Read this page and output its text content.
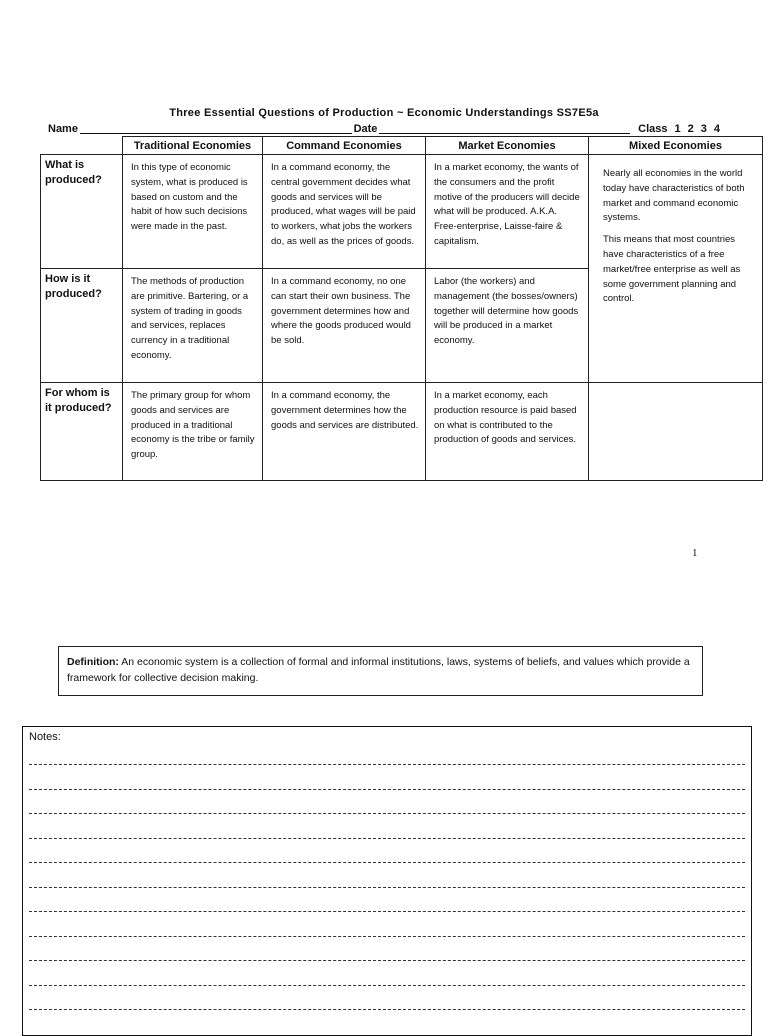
Three Essential Questions of Production ~ Economic Understandings SS7E5a
Name	Date	Class 1 2 3 4
	Traditional Economies	Command Economies	Market Economies	Mixed Economies
What is produced?	In this type of economic system, what is produced is based on custom and the habit of how such decisions were made in the past.	In a command economy, the central government decides what goods and services will be produced, what wages will be paid to workers, what jobs the workers do, as well as the prices of goods.	In a market economy, the wants of the consumers and the profit motive of the producers will decide what will be produced. A.K.A. Free-enterprise, Laisse-faire & capitalism.	Nearly all economies in the world today have characteristics of both market and command economic systems.

This means that most countries have characteristics of a free market/free enterprise as well as some government planning and control.

How is it produced?	The methods of production are primitive. Bartering, or a system of trading in goods and services, replaces currency in a traditional economy.	In a command economy, no one can start their own business. The government determines how and where the goods produced would be sold.	Labor (the workers) and management (the bosses/owners) together will determine how goods will be produced in a market economy.	
For whom is it produced?	The primary group for whom goods and services are produced in a traditional economy is the tribe or family group.	In a command economy, the government determines how the goods and services are distributed.	In a market economy, each production resource is paid based on what is contributed to the production of goods and services.	
1
Definition: An economic system is a collection of formal and informal institutions, laws, systems of beliefs, and values which provide a framework for collective decision making.
Notes:
